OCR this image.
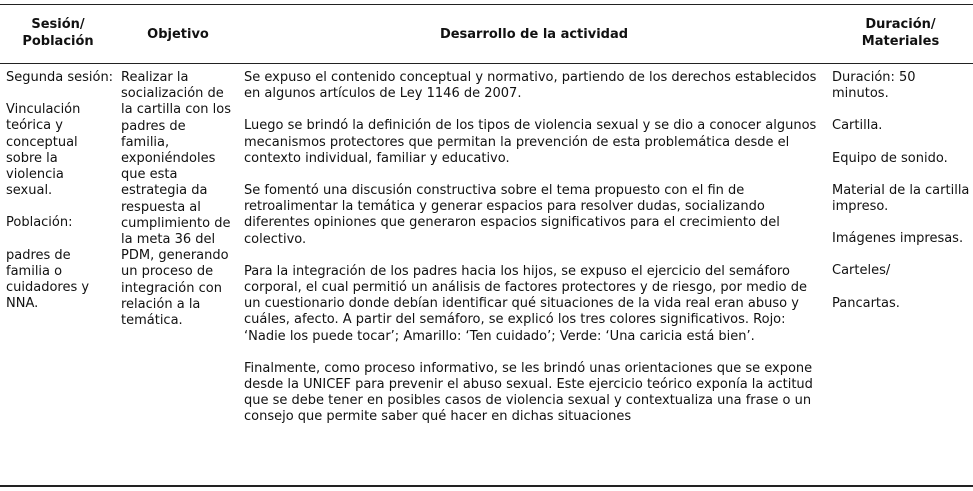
Sesión/
Población	Objetivo	Desarrollo de la actividad
Duración/
Materiales

Segunda sesión:

Vinculación teórica y conceptual sobre la violencia sexual.

Población:

padres de familia o cuidadores y NNA.

Realizar la socialización de la cartilla con los padres de familia, exponiéndoles que esta estrategia da respuesta al cumplimiento de la meta 36 del PDM, generando un proceso de integración con relación a la temática.

Se expuso el contenido conceptual y normativo, partiendo de los derechos establecidos en algunos artículos de Ley 1146 de 2007.

Luego se brindó la definición de los tipos de violencia sexual y se dio a conocer algunos mecanismos protectores que permitan la prevención de esta problemática desde el contexto individual, familiar y educativo.

Se fomentó una discusión constructiva sobre el tema propuesto con el fin de retroalimentar la temática y generar espacios para resolver dudas, socializando diferentes opiniones que generaron espacios significativos para el crecimiento del colectivo.

Para la integración de los padres hacia los hijos, se expuso el ejercicio del semáforo corporal, el cual permitió un análisis de factores protectores y de riesgo, por medio de un cuestionario donde debían identificar qué situaciones de la vida real eran abuso y cuáles, afecto. A partir del semáforo, se explicó los tres colores significativos. Rojo: ‘Nadie los puede tocar’; Amarillo: ‘Ten cuidado’; Verde: ‘Una caricia está bien’.

Finalmente, como proceso informativo, se les brindó unas orientaciones que se expone desde la UNICEF para prevenir el abuso sexual. Este ejercicio teórico exponía la actitud que se debe tener en posibles casos de violencia sexual y contextualiza una frase o un consejo que permite saber qué hacer en dichas situaciones

Duración: 50 minutos.

Cartilla.

Equipo de sonido.

Material de la cartilla impreso.

Imágenes impresas.

Carteles/

Pancartas.
